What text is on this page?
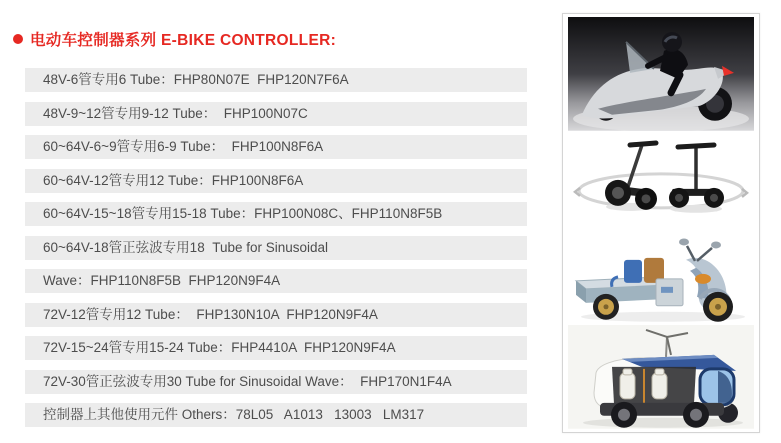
电动车控制器系列 E-BIKE CONTROLLER:
48V-6管专用6 Tube：FHP80N07E  FHP120N7F6A
48V-9~12管专用9-12 Tube：  FHP100N07C
60~64V-6~9管专用6-9 Tube：  FHP100N8F6A
60~64V-12管专用12 Tube：FHP100N8F6A
60~64V-15~18管专用15-18 Tube：FHP100N08C、FHP110N8F5B
60~64V-18管正弦波专用18  Tube for Sinusoidal
Wave：FHP110N8F5B  FHP120N9F4A
72V-12管专用12 Tube：  FHP130N10A  FHP120N9F4A
72V-15~24管专用15-24 Tube：FHP4410A  FHP120N9F4A
72V-30管正弦波专用30 Tube for Sinusoidal Wave：  FHP170N1F4A
控制器上其他使用元件 Others：78L05   A1013   13003   LM317
